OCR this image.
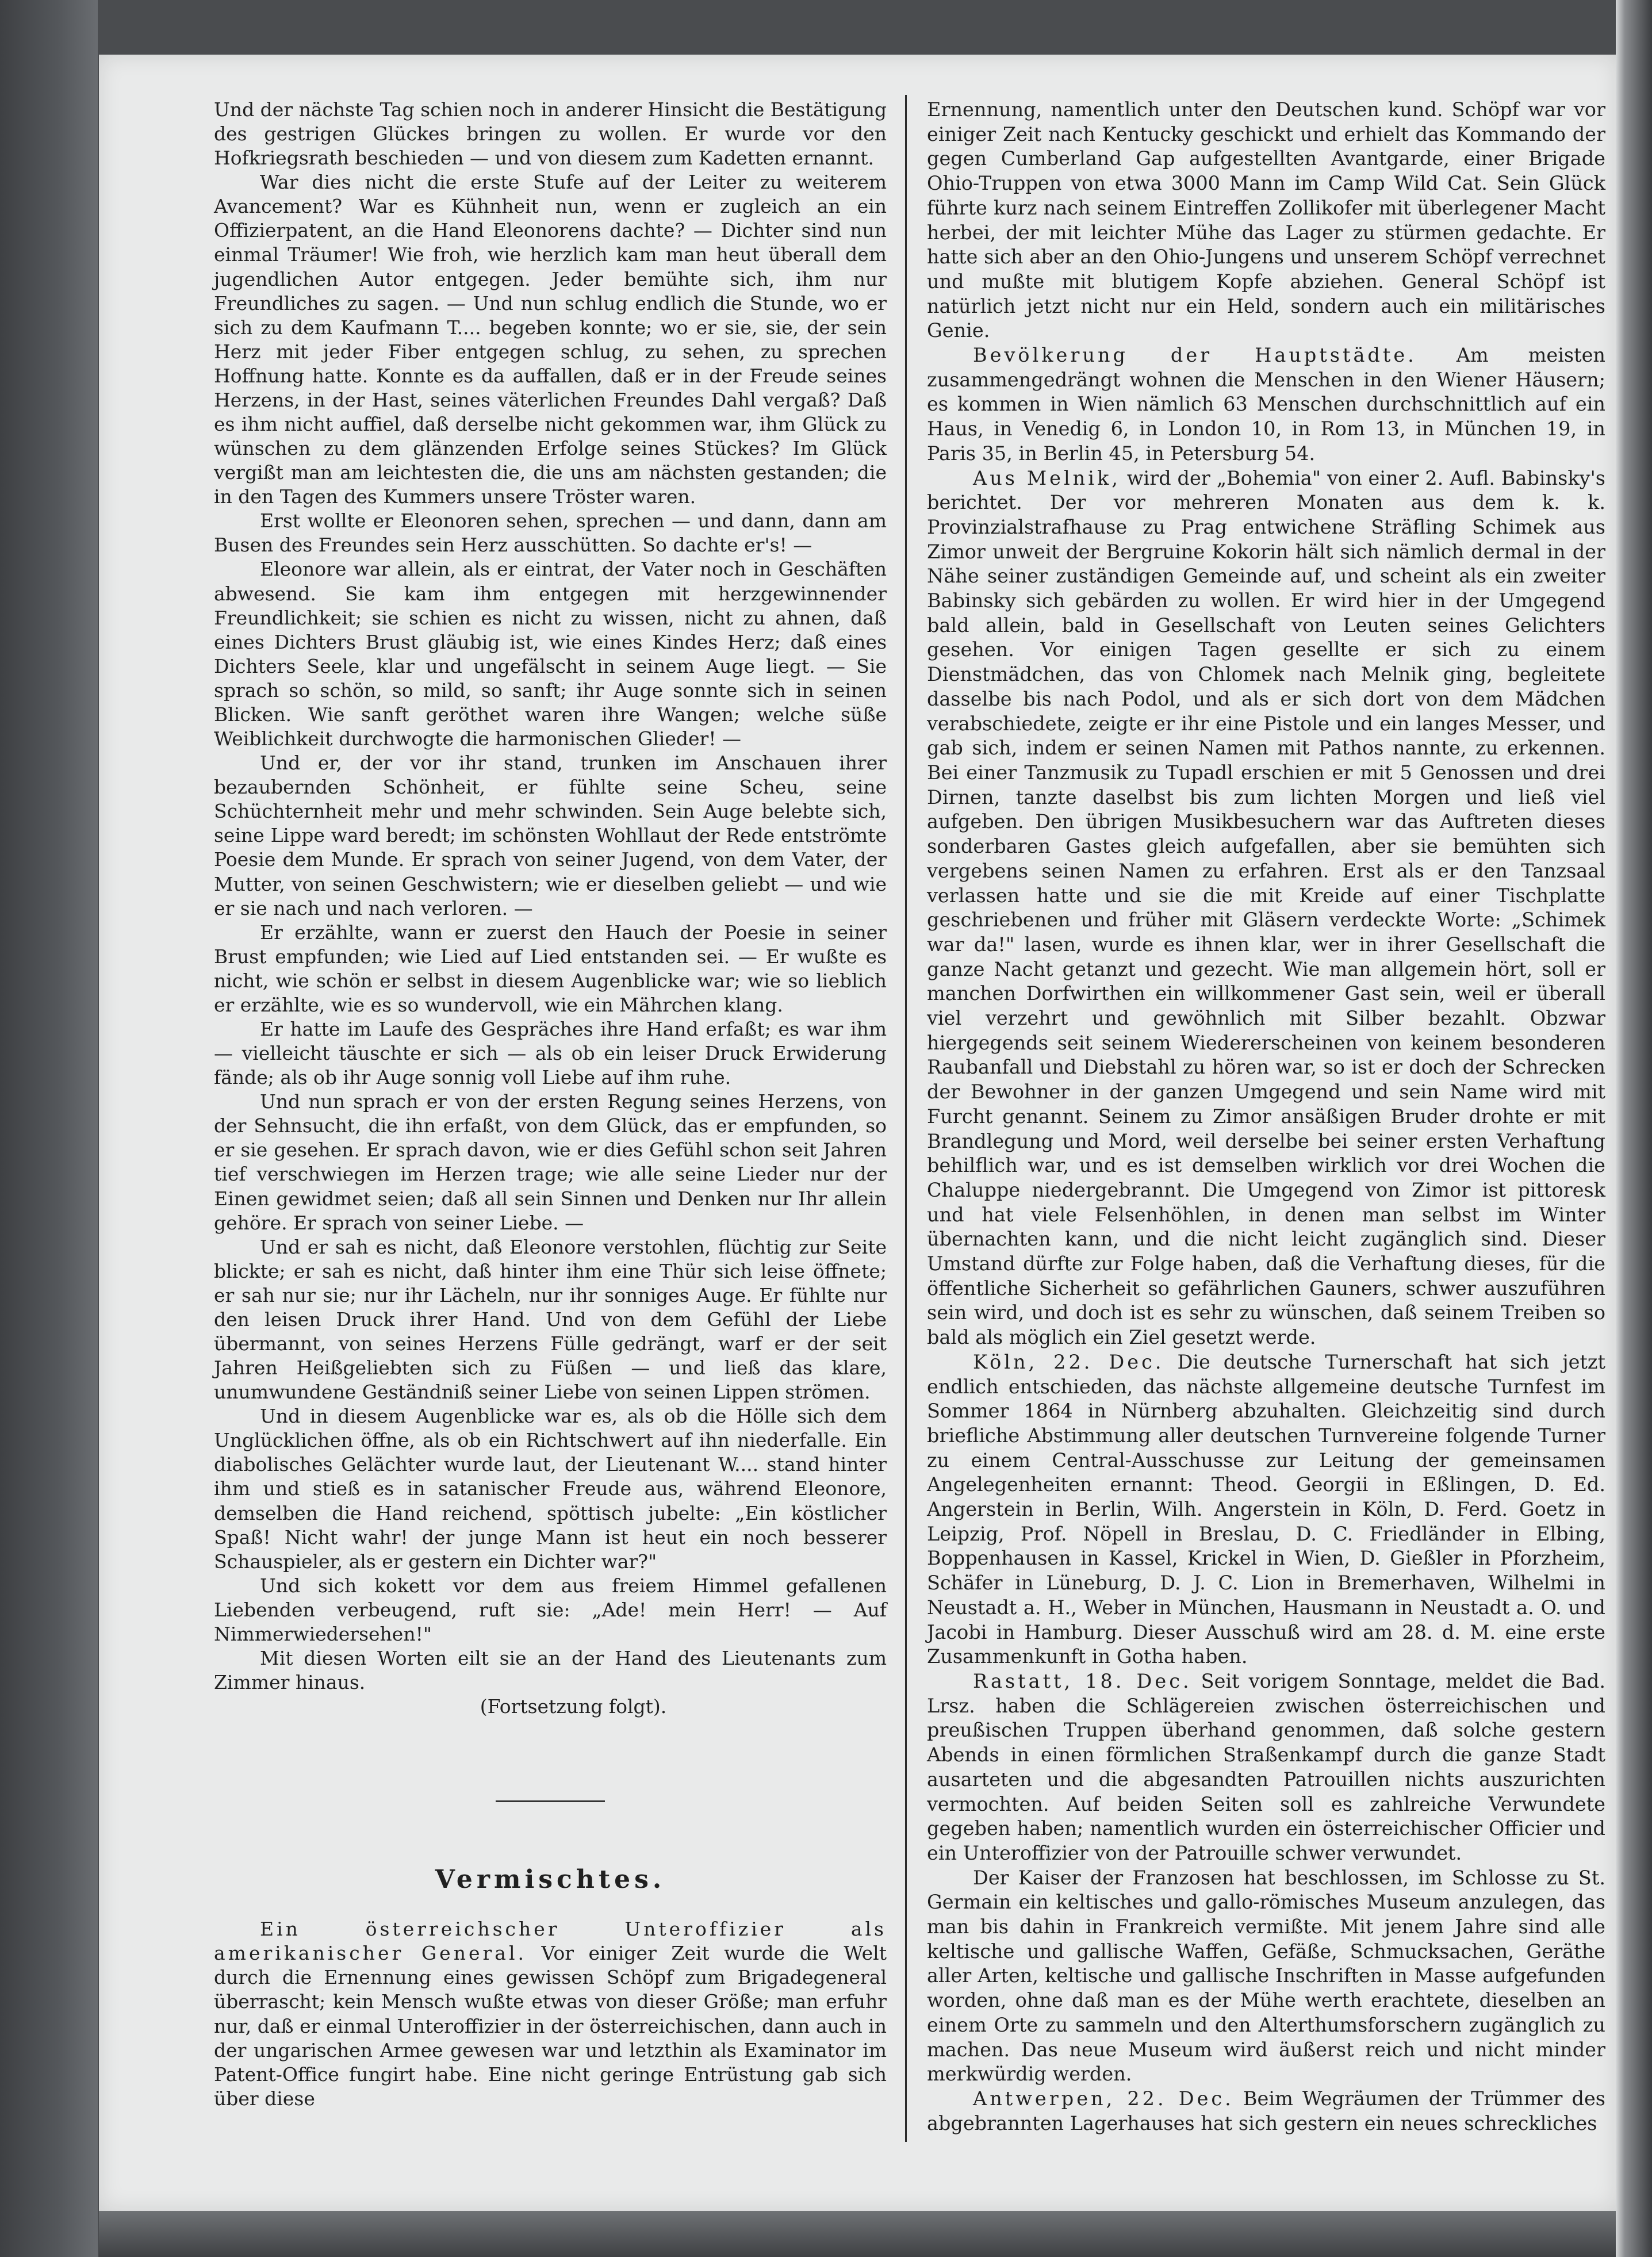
Und der nächste Tag schien noch in anderer Hinsicht die Bestätigung des gestrigen Glückes bringen zu wollen. Er wurde vor den Hofkriegsrath beschieden — und von diesem zum Kadetten ernannt.

War dies nicht die erste Stufe auf der Leiter zu weiterem Avancement? War es Kühnheit nun, wenn er zugleich an ein Offizierpatent, an die Hand Eleonorens dachte? — Dichter sind nun einmal Träumer! Wie froh, wie herzlich kam man heut überall dem jugendlichen Autor entgegen. Jeder bemühte sich, ihm nur Freundliches zu sagen. — Und nun schlug endlich die Stunde, wo er sich zu dem Kaufmann T.... begeben konnte; wo er sie, sie, der sein Herz mit jeder Fiber entgegen schlug, zu sehen, zu sprechen Hoffnung hatte. Konnte es da auffallen, daß er in der Freude seines Herzens, in der Hast, seines väterlichen Freundes Dahl vergaß? Daß es ihm nicht auffiel, daß derselbe nicht gekommen war, ihm Glück zu wünschen zu dem glänzenden Erfolge seines Stückes? Im Glück vergißt man am leichtesten die, die uns am nächsten gestanden; die in den Tagen des Kummers unsere Tröster waren.

Erst wollte er Eleonoren sehen, sprechen — und dann, dann am Busen des Freundes sein Herz ausschütten. So dachte er's! —

Eleonore war allein, als er eintrat, der Vater noch in Geschäften abwesend. Sie kam ihm entgegen mit herzgewinnender Freundlichkeit; sie schien es nicht zu wissen, nicht zu ahnen, daß eines Dichters Brust gläubig ist, wie eines Kindes Herz; daß eines Dichters Seele, klar und ungefälscht in seinem Auge liegt. — Sie sprach so schön, so mild, so sanft; ihr Auge sonnte sich in seinen Blicken. Wie sanft geröthet waren ihre Wangen; welche süße Weiblichkeit durchwogte die harmonischen Glieder! —

Und er, der vor ihr stand, trunken im Anschauen ihrer bezaubernden Schönheit, er fühlte seine Scheu, seine Schüchternheit mehr und mehr schwinden. Sein Auge belebte sich, seine Lippe ward beredt; im schönsten Wohllaut der Rede entströmte Poesie dem Munde. Er sprach von seiner Jugend, von dem Vater, der Mutter, von seinen Geschwistern; wie er dieselben geliebt — und wie er sie nach und nach verloren. —

Er erzählte, wann er zuerst den Hauch der Poesie in seiner Brust empfunden; wie Lied auf Lied entstanden sei. — Er wußte es nicht, wie schön er selbst in diesem Augenblicke war; wie so lieblich er erzählte, wie es so wundervoll, wie ein Mährchen klang.

Er hatte im Laufe des Gespräches ihre Hand erfaßt; es war ihm — vielleicht täuschte er sich — als ob ein leiser Druck Erwiderung fände; als ob ihr Auge sonnig voll Liebe auf ihm ruhe.

Und nun sprach er von der ersten Regung seines Herzens, von der Sehnsucht, die ihn erfaßt, von dem Glück, das er empfunden, so er sie gesehen. Er sprach davon, wie er dies Gefühl schon seit Jahren tief verschwiegen im Herzen trage; wie alle seine Lieder nur der Einen gewidmet seien; daß all sein Sinnen und Denken nur Ihr allein gehöre. Er sprach von seiner Liebe. —

Und er sah es nicht, daß Eleonore verstohlen, flüchtig zur Seite blickte; er sah es nicht, daß hinter ihm eine Thür sich leise öffnete; er sah nur sie; nur ihr Lächeln, nur ihr sonniges Auge. Er fühlte nur den leisen Druck ihrer Hand. Und von dem Gefühl der Liebe übermannt, von seines Herzens Fülle gedrängt, warf er der seit Jahren Heißgeliebten sich zu Füßen — und ließ das klare, unumwundene Geständniß seiner Liebe von seinen Lippen strömen.

Und in diesem Augenblicke war es, als ob die Hölle sich dem Unglücklichen öffne, als ob ein Richtschwert auf ihn niederfalle. Ein diabolisches Gelächter wurde laut, der Lieutenant W.... stand hinter ihm und stieß es in satanischer Freude aus, während Eleonore, demselben die Hand reichend, spöttisch jubelte: „Ein köstlicher Spaß! Nicht wahr! der junge Mann ist heut ein noch besserer Schauspieler, als er gestern ein Dichter war?"

Und sich kokett vor dem aus freiem Himmel gefallenen Liebenden verbeugend, ruft sie: „Ade! mein Herr! — Auf Nimmerwiedersehen!"

Mit diesen Worten eilt sie an der Hand des Lieutenants zum Zimmer hinaus.

(Fortsetzung folgt).

Vermischtes.

Ein österreichscher Unteroffizier als amerikanischer General. Vor einiger Zeit wurde die Welt durch die Ernennung eines gewissen Schöpf zum Brigadegeneral überrascht; kein Mensch wußte etwas von dieser Größe; man erfuhr nur, daß er einmal Unteroffizier in der österreichischen, dann auch in der ungarischen Armee gewesen war und letzthin als Examinator im Patent-Office fungirt habe. Eine nicht geringe Entrüstung gab sich über diese

Ernennung, namentlich unter den Deutschen kund. Schöpf war vor einiger Zeit nach Kentucky geschickt und erhielt das Kommando der gegen Cumberland Gap aufgestellten Avantgarde, einer Brigade Ohio-Truppen von etwa 3000 Mann im Camp Wild Cat. Sein Glück führte kurz nach seinem Eintreffen Zollikofer mit überlegener Macht herbei, der mit leichter Mühe das Lager zu stürmen gedachte. Er hatte sich aber an den Ohio-Jungens und unserem Schöpf verrechnet und mußte mit blutigem Kopfe abziehen. General Schöpf ist natürlich jetzt nicht nur ein Held, sondern auch ein militärisches Genie.

Bevölkerung der Hauptstädte. Am meisten zusammengedrängt wohnen die Menschen in den Wiener Häusern; es kommen in Wien nämlich 63 Menschen durchschnittlich auf ein Haus, in Venedig 6, in London 10, in Rom 13, in München 19, in Paris 35, in Berlin 45, in Petersburg 54.

Aus Melnik, wird der „Bohemia" von einer 2. Aufl. Babinsky's berichtet. Der vor mehreren Monaten aus dem k. k. Provinzialstrafhause zu Prag entwichene Sträfling Schimek aus Zimor unweit der Bergruine Kokorin hält sich nämlich dermal in der Nähe seiner zuständigen Gemeinde auf, und scheint als ein zweiter Babinsky sich gebärden zu wollen. Er wird hier in der Umgegend bald allein, bald in Gesellschaft von Leuten seines Gelichters gesehen. Vor einigen Tagen gesellte er sich zu einem Dienstmädchen, das von Chlomek nach Melnik ging, begleitete dasselbe bis nach Podol, und als er sich dort von dem Mädchen verabschiedete, zeigte er ihr eine Pistole und ein langes Messer, und gab sich, indem er seinen Namen mit Pathos nannte, zu erkennen. Bei einer Tanzmusik zu Tupadl erschien er mit 5 Genossen und drei Dirnen, tanzte daselbst bis zum lichten Morgen und ließ viel aufgeben. Den übrigen Musikbesuchern war das Auftreten dieses sonderbaren Gastes gleich aufgefallen, aber sie bemühten sich vergebens seinen Namen zu erfahren. Erst als er den Tanzsaal verlassen hatte und sie die mit Kreide auf einer Tischplatte geschriebenen und früher mit Gläsern verdeckte Worte: „Schimek war da!" lasen, wurde es ihnen klar, wer in ihrer Gesellschaft die ganze Nacht getanzt und gezecht. Wie man allgemein hört, soll er manchen Dorfwirthen ein willkommener Gast sein, weil er überall viel verzehrt und gewöhnlich mit Silber bezahlt. Obzwar hiergegends seit seinem Wiedererscheinen von keinem besonderen Raubanfall und Diebstahl zu hören war, so ist er doch der Schrecken der Bewohner in der ganzen Umgegend und sein Name wird mit Furcht genannt. Seinem zu Zimor ansäßigen Bruder drohte er mit Brandlegung und Mord, weil derselbe bei seiner ersten Verhaftung behilflich war, und es ist demselben wirklich vor drei Wochen die Chaluppe niedergebrannt. Die Umgegend von Zimor ist pittoresk und hat viele Felsenhöhlen, in denen man selbst im Winter übernachten kann, und die nicht leicht zugänglich sind. Dieser Umstand dürfte zur Folge haben, daß die Verhaftung dieses, für die öffentliche Sicherheit so gefährlichen Gauners, schwer auszuführen sein wird, und doch ist es sehr zu wünschen, daß seinem Treiben so bald als möglich ein Ziel gesetzt werde.

Köln, 22. Dec. Die deutsche Turnerschaft hat sich jetzt endlich entschieden, das nächste allgemeine deutsche Turnfest im Sommer 1864 in Nürnberg abzuhalten. Gleichzeitig sind durch briefliche Abstimmung aller deutschen Turnvereine folgende Turner zu einem Central-Ausschusse zur Leitung der gemeinsamen Angelegenheiten ernannt: Theod. Georgii in Eßlingen, D. Ed. Angerstein in Berlin, Wilh. Angerstein in Köln, D. Ferd. Goetz in Leipzig, Prof. Nöpell in Breslau, D. C. Friedländer in Elbing, Boppenhausen in Kassel, Krickel in Wien, D. Gießler in Pforzheim, Schäfer in Lüneburg, D. J. C. Lion in Bremerhaven, Wilhelmi in Neustadt a. H., Weber in München, Hausmann in Neustadt a. O. und Jacobi in Hamburg. Dieser Ausschuß wird am 28. d. M. eine erste Zusammenkunft in Gotha haben.

Rastatt, 18. Dec. Seit vorigem Sonntage, meldet die Bad. Lrsz. haben die Schlägereien zwischen österreichischen und preußischen Truppen überhand genommen, daß solche gestern Abends in einen förmlichen Straßenkampf durch die ganze Stadt ausarteten und die abgesandten Patrouillen nichts auszurichten vermochten. Auf beiden Seiten soll es zahlreiche Verwundete gegeben haben; namentlich wurden ein österreichischer Officier und ein Unteroffizier von der Patrouille schwer verwundet.

Der Kaiser der Franzosen hat beschlossen, im Schlosse zu St. Germain ein keltisches und gallo-römisches Museum anzulegen, das man bis dahin in Frankreich vermißte. Mit jenem Jahre sind alle keltische und gallische Waffen, Gefäße, Schmucksachen, Geräthe aller Arten, keltische und gallische Inschriften in Masse aufgefunden worden, ohne daß man es der Mühe werth erachtete, dieselben an einem Orte zu sammeln und den Alterthumsforschern zugänglich zu machen. Das neue Museum wird äußerst reich und nicht minder merkwürdig werden.

Antwerpen, 22. Dec. Beim Wegräumen der Trümmer des abgebrannten Lagerhauses hat sich gestern ein neues schreckliches
